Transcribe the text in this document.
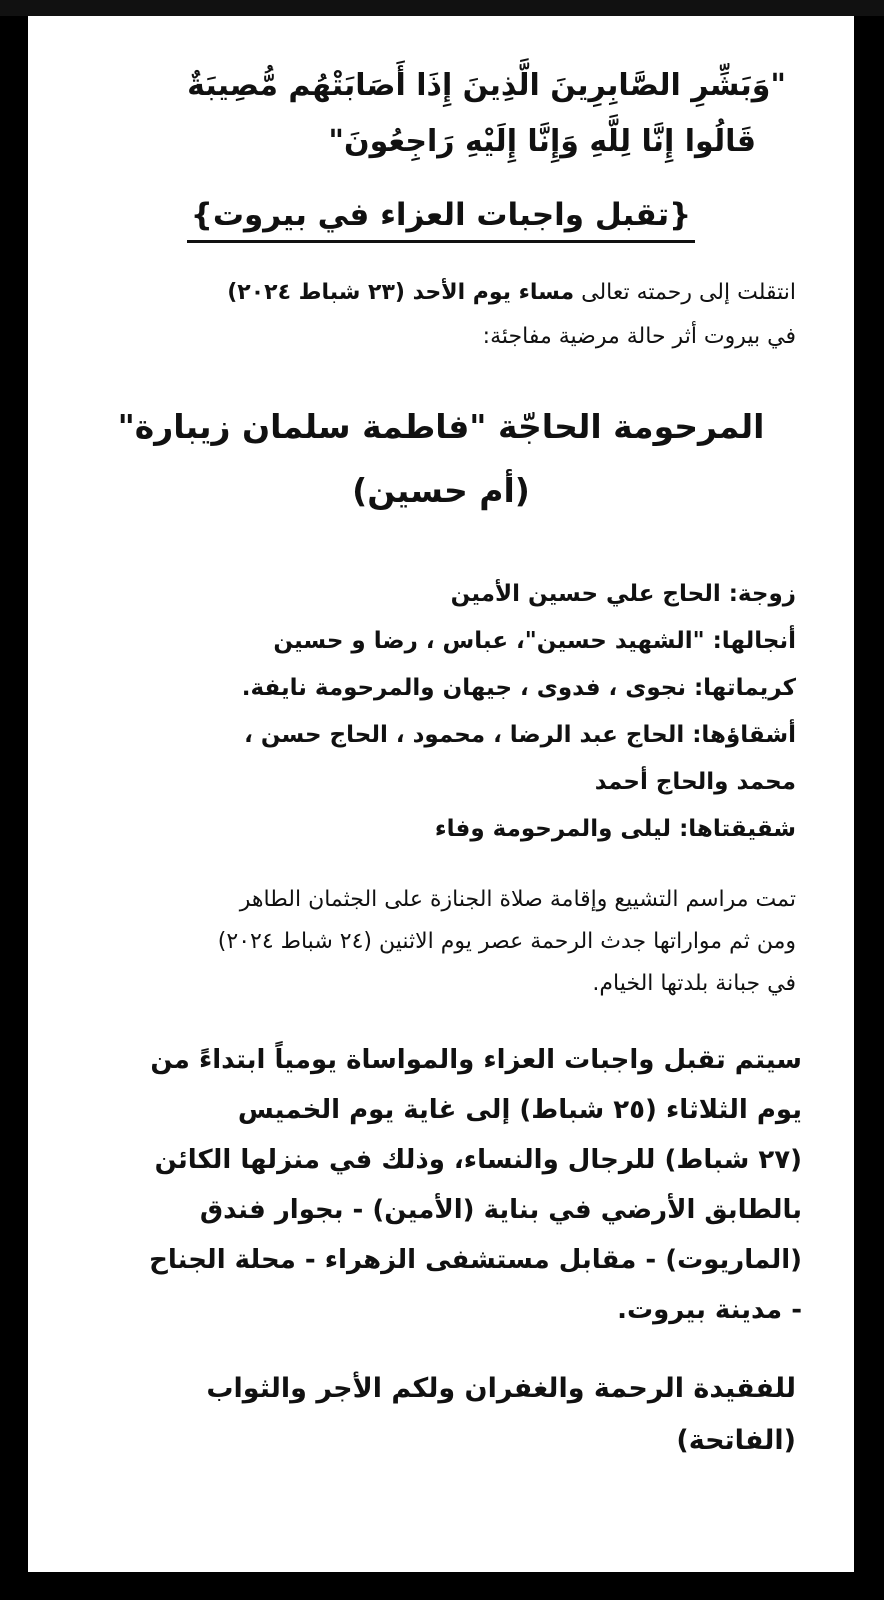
"وَبَشِّرِ الصَّابِرِينَ الَّذِينَ إِذَا أَصَابَتْهُم مُّصِيبَةٌ
قَالُوا إِنَّا لِلَّهِ وَإِنَّا إِلَيْهِ رَاجِعُونَ"
{تقبل واجبات العزاء في بيروت}
انتقلت إلى رحمته تعالى مساء يوم الأحد (٢٣ شباط ٢٠٢٤)
في بيروت أثر حالة مرضية مفاجئة:
المرحومة الحاجّة "فاطمة سلمان زيبارة"
(أم حسين)
زوجة: الحاج علي حسين الأمين
أنجالها: "الشهيد حسين"، عباس ، رضا و حسين
كريماتها: نجوى ، فدوى ، جيهان والمرحومة نايفة.
أشقاؤها: الحاج عبد الرضا ، محمود ، الحاج حسن ،
محمد والحاج أحمد
شقيقتاها: ليلى والمرحومة وفاء
تمت مراسم التشييع وإقامة صلاة الجنازة على الجثمان الطاهر
ومن ثم مواراتها جدث الرحمة عصر يوم الاثنين (٢٤ شباط ٢٠٢٤)
في جبانة بلدتها الخيام.
سيتم تقبل واجبات العزاء والمواساة يومياً ابتداءً من
يوم الثلاثاء (٢٥ شباط) إلى غاية يوم الخميس
(٢٧ شباط) للرجال والنساء، وذلك في منزلها الكائن
بالطابق الأرضي في بناية (الأمين) - بجوار فندق
(الماريوت) - مقابل مستشفى الزهراء - محلة الجناح
- مدينة بيروت.
للفقيدة الرحمة والغفران ولكم الأجر والثواب
(الفاتحة)
